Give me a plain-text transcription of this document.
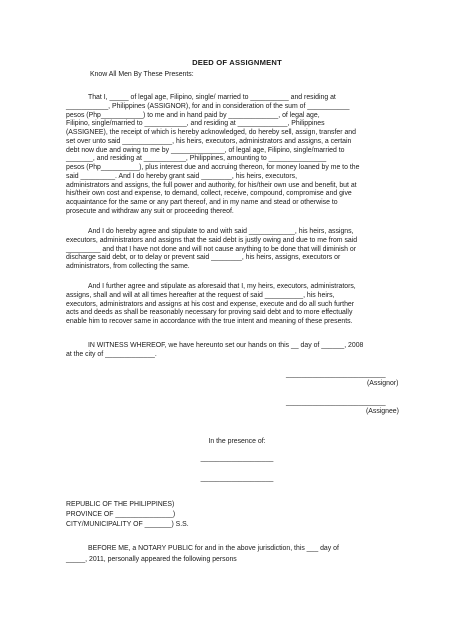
DEED OF ASSIGNMENT
Know All Men By These Presents:
That I, _____ of legal age, Filipino, single/ married to __________ and residing at
___________, Philippines (ASSIGNOR), for and in consideration of the sum of ___________
pesos (Php___________) to me and in hand paid by _____________, of legal age,
Filipino, single/married to ___________, and residing at _____________, Philippines
(ASSIGNEE), the receipt of which is hereby acknowledged, do hereby sell, assign, transfer and
set over unto said _____________, his heirs, executors, administrators and assigns, a certain
debt now due and owing to me by ______________, of legal age, Filipino, single/married to
_______, and residing at ___________, Philippines, amounting to _______________
pesos (Php__________), plus interest due and accruing thereon, for money loaned by me to the
said _________. And I do hereby grant said ________, his heirs, executors,
administrators and assigns, the full power and authority, for his/their own use and benefit, but at
his/their own cost and expense, to demand, collect, receive, compound, compromise and give
acquaintance for the same or any part thereof, and in my name and stead or otherwise to
prosecute and withdraw any suit or proceeding thereof.
And I do hereby agree and stipulate to and with said ____________, his heirs, assigns,
executors, administrators and assigns that the said debt is justly owing and due to me from said
_________ and that I have not done and will not cause anything to be done that will diminish or
discharge said debt, or to delay or prevent said ________, his heirs, assigns, executors or
administrators, from collecting the same.
And I further agree and stipulate as aforesaid that I, my heirs, executors, administrators,
assigns, shall and will at all times hereafter at the request of said __________, his heirs,
executors, administrators and assigns at his cost and expense, execute and do all such further
acts and deeds as shall be reasonably necessary for proving said debt and to more effectually
enable him to recover same in accordance with the true intent and meaning of these presents.
IN WITNESS WHEREOF, we have hereunto set our hands on this __ day of ______, 2008
at the city of _____________.
__________________________
(Assignor)
__________________________
(Assignee)
In the presence of:
___________________
___________________
REPUBLIC OF THE PHILIPPINES)
PROVINCE OF _______________)
CITY/MUNICIPALITY OF _______) S.S.
BEFORE ME, a NOTARY PUBLIC for and in the above jurisdiction, this ___ day of
_____, 2011, personally appeared the following persons
